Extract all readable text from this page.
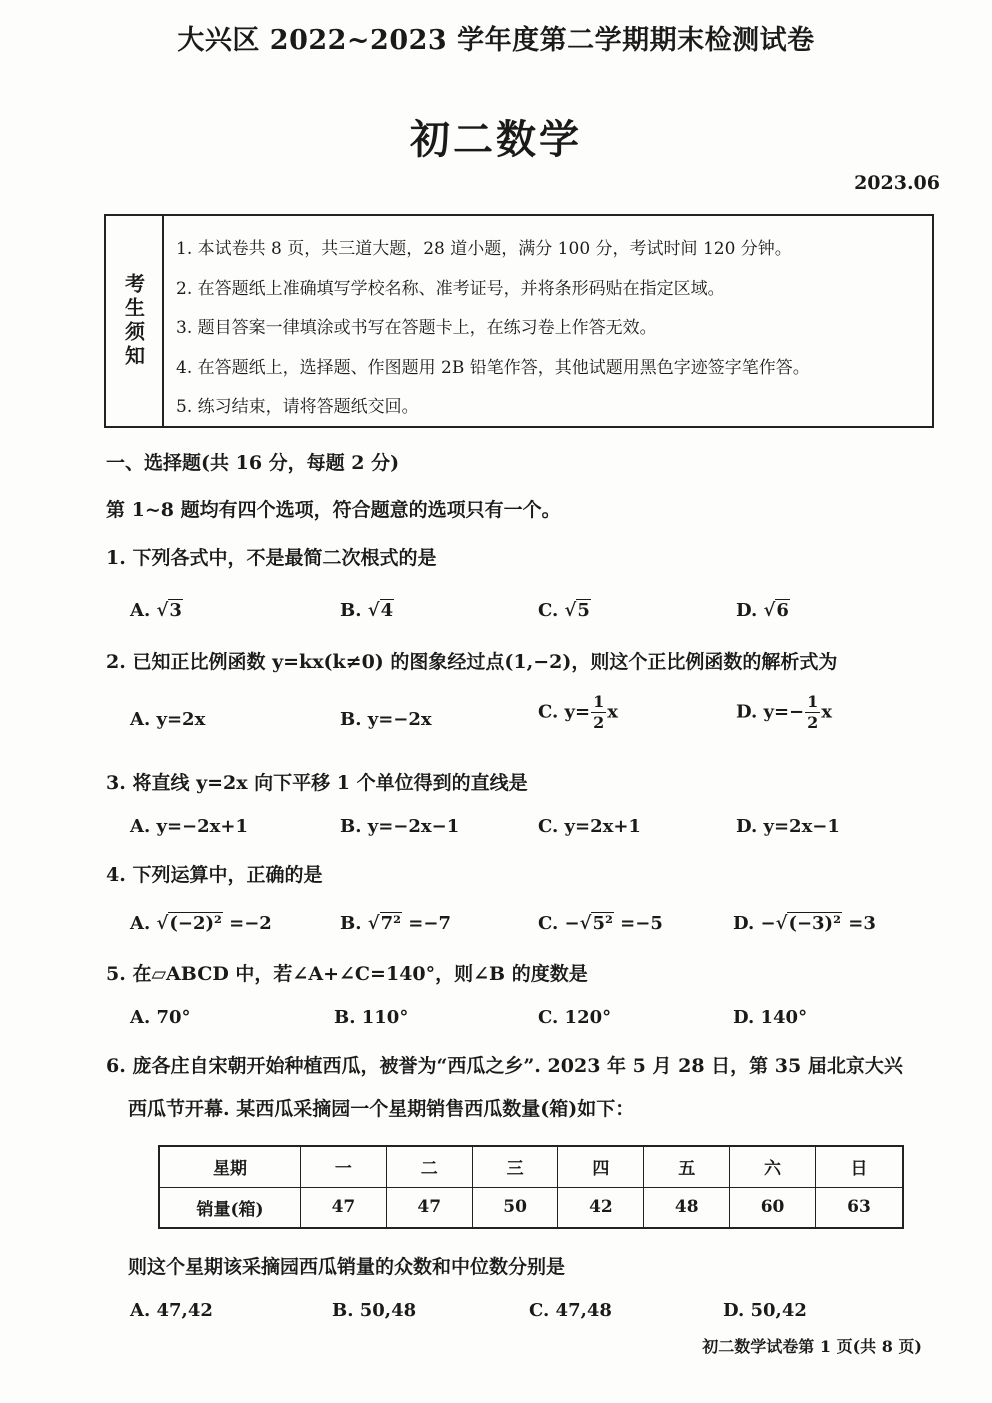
大兴区 2022~2023 学年度第二学期期末检测试卷
初二数学
2023.06
考生须知
1. 本试卷共 8 页，共三道大题，28 道小题，满分 100 分，考试时间 120 分钟。
2. 在答题纸上准确填写学校名称、准考证号，并将条形码贴在指定区域。
3. 题目答案一律填涂或书写在答题卡上，在练习卷上作答无效。
4. 在答题纸上，选择题、作图题用 2B 铅笔作答，其他试题用黑色字迹签字笔作答。
5. 练习结束，请将答题纸交回。
一、选择题(共 16 分，每题 2 分)
第 1~8 题均有四个选项，符合题意的选项只有一个。
1. 下列各式中，不是最简二次根式的是
A. √3	B. √4	C. √5	D. √6
2. 已知正比例函数 y=kx(k≠0) 的图象经过点(1,−2)，则这个正比例函数的解析式为
A. y=2x	B. y=−2x	C. $y= \frac{1}{2}$ x	D. $y=- \frac{1}{2}$ x
3. 将直线 y=2x 向下平移 1 个单位得到的直线是
A. y=−2x+1	B. y=−2x−1	C. y=2x+1	D. y=2x−1
4. 下列运算中，正确的是
A. √(−2)² =−2	B. √7² =−7	C. −√5² =−5	D. −√(−3)² =3
5. 在▱ABCD 中，若∠A+∠C=140°，则∠B 的度数是
A. 70°	B. 110°	C. 120°	D. 140°
6. 庞各庄自宋朝开始种植西瓜，被誉为“西瓜之乡”. 2023 年 5 月 28 日，第 35 届北京大兴
西瓜节开幕. 某西瓜采摘园一个星期销售西瓜数量(箱)如下：
星期	一	二	三	四	五	六	日
销量(箱)	47	47	50	42	48	60	63
则这个星期该采摘园西瓜销量的众数和中位数分别是
A. 47,42	B. 50,48	C. 47,48	D. 50,42
初二数学试卷第 1 页(共 8 页)
